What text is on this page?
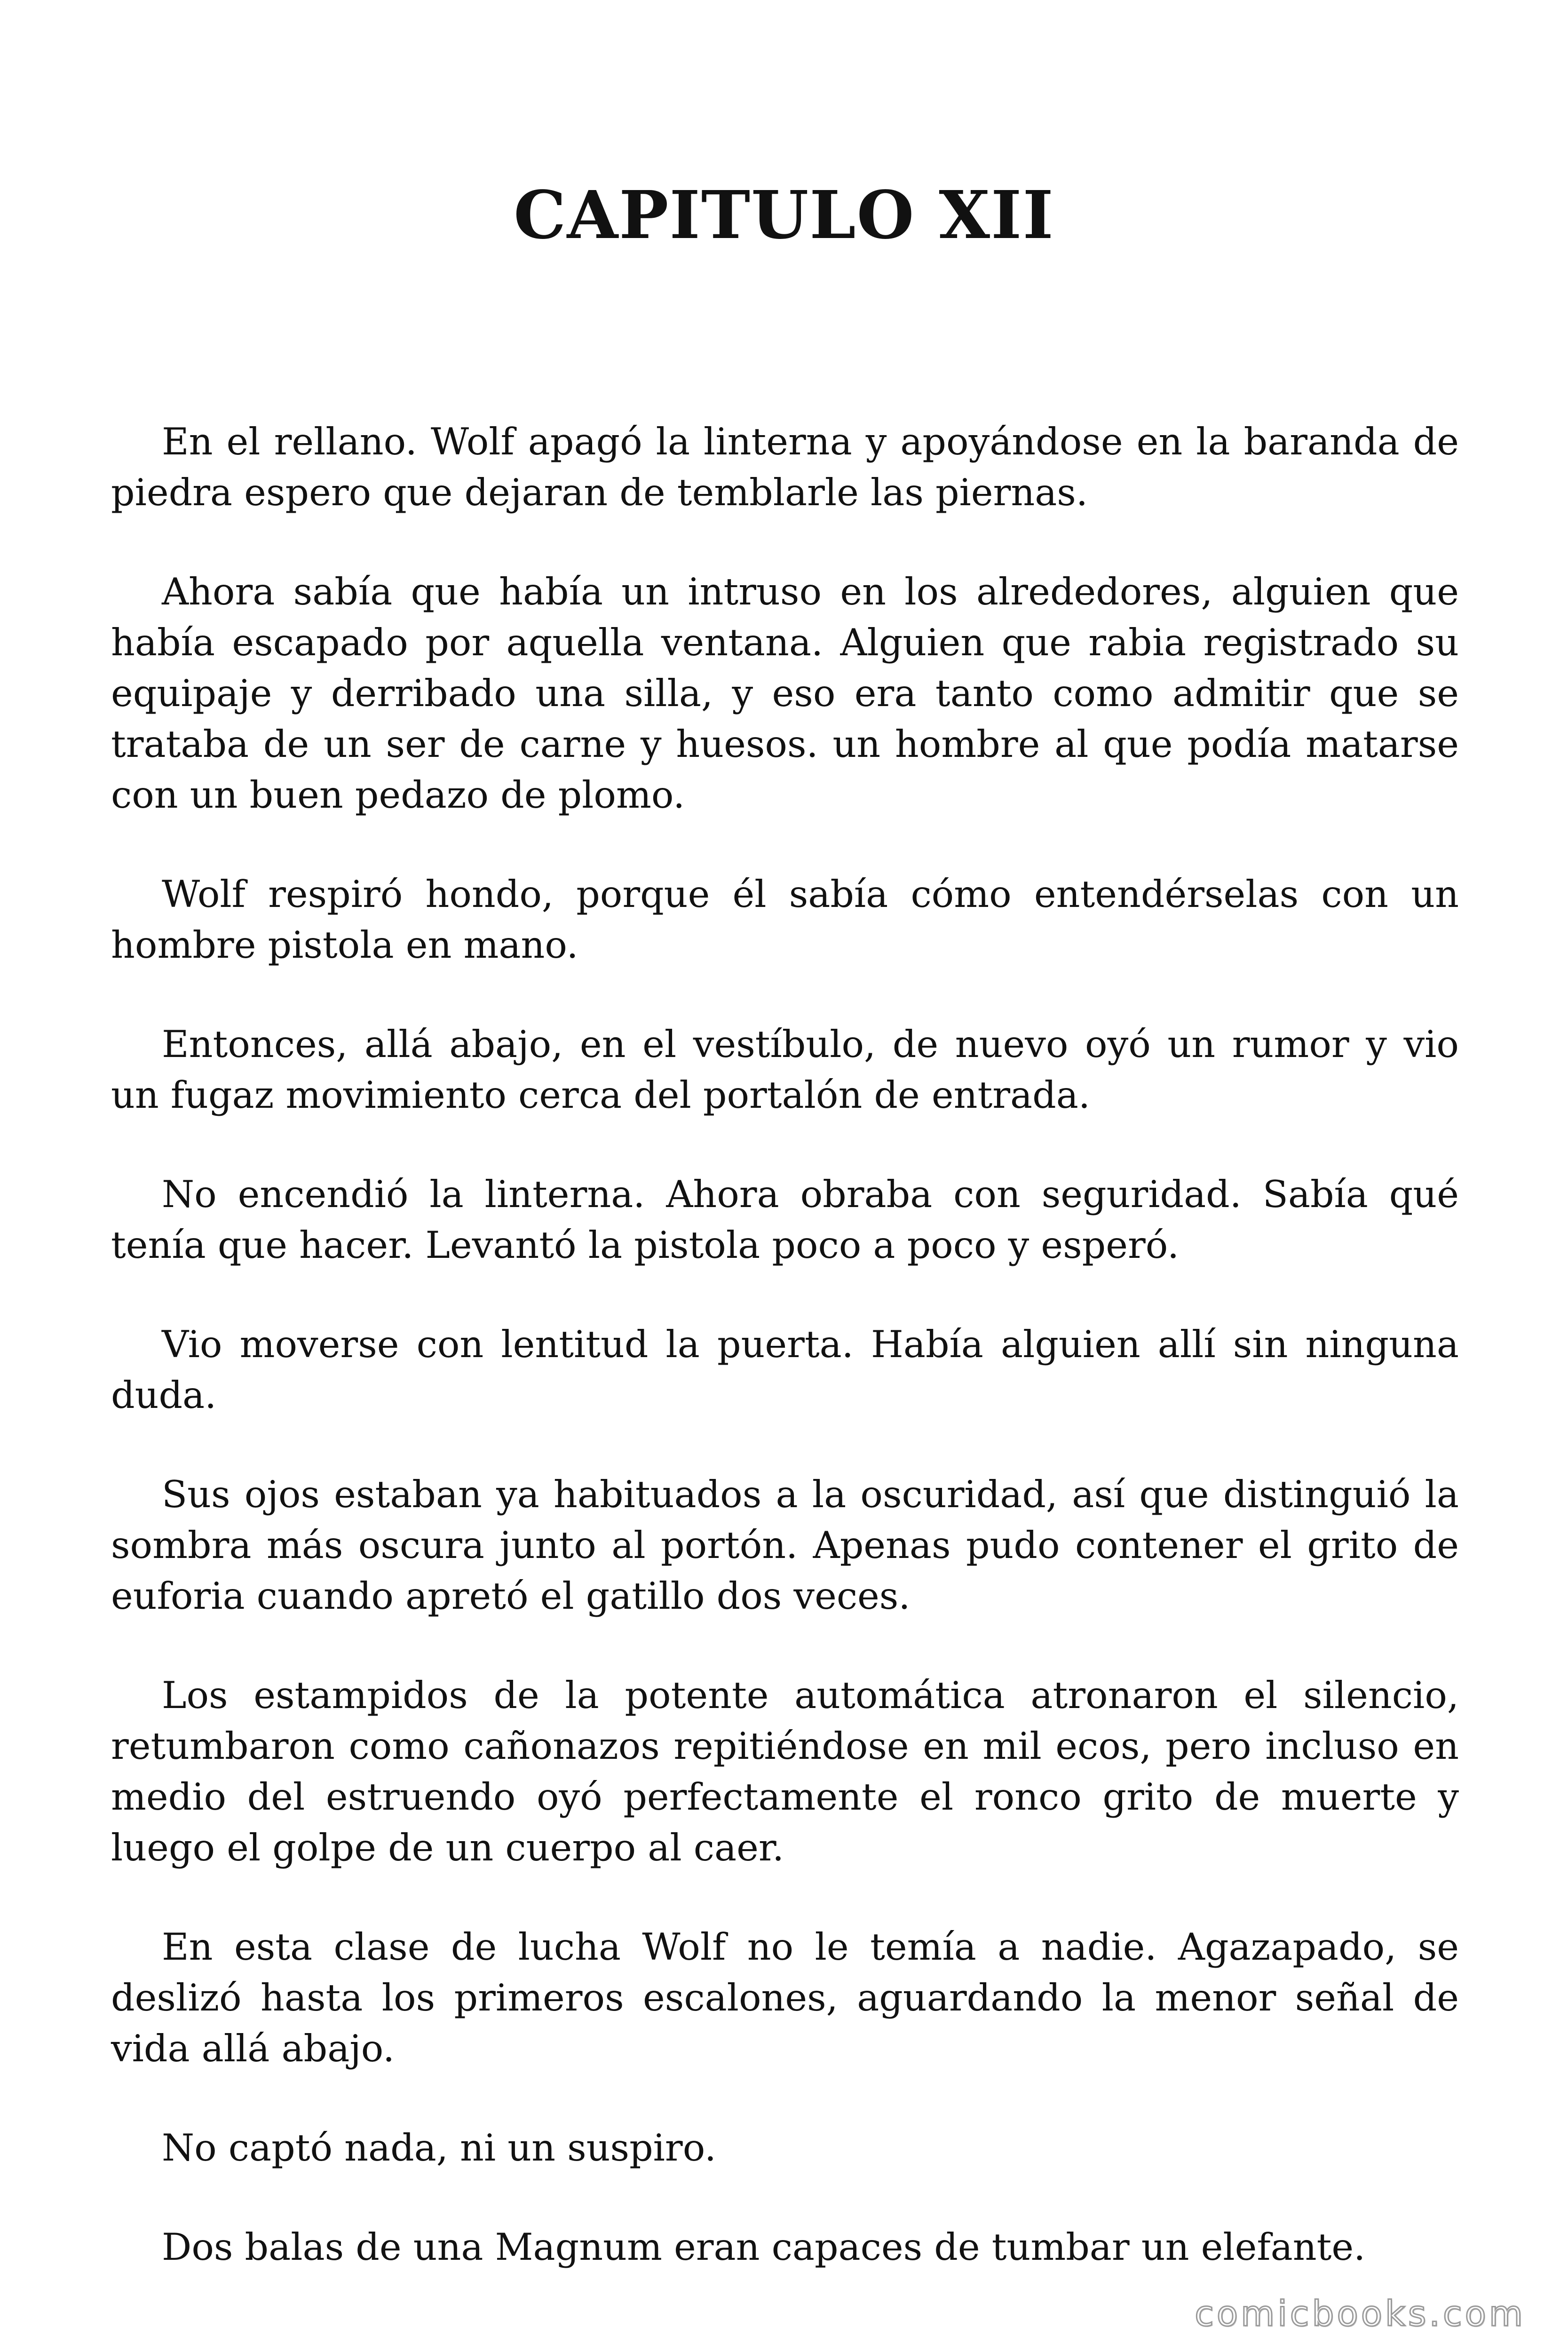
CAPITULO XII

En el rellano. Wolf apagó la linterna y apoyándose en la baranda de piedra espero que dejaran de temblarle las piernas.

Ahora sabía que había un intruso en los alrededores, alguien que había escapado por aquella ventana. Alguien que rabia registrado su equipaje y derribado una silla, y eso era tanto como admitir que se trataba de un ser de carne y huesos. un hombre al que podía matarse con un buen pedazo de plomo.

Wolf respiró hondo, porque él sabía cómo entendérselas con un hombre pistola en mano.

Entonces, allá abajo, en el vestíbulo, de nuevo oyó un rumor y vio un fugaz movimiento cerca del portalón de entrada.

No encendió la linterna. Ahora obraba con seguridad. Sabía qué tenía que hacer. Levantó la pistola poco a poco y esperó.

Vio moverse con lentitud la puerta. Había alguien allí sin ninguna duda.

Sus ojos estaban ya habituados a la oscuridad, así que distinguió la sombra más oscura junto al portón. Apenas pudo contener el grito de euforia cuando apretó el gatillo dos veces.

Los estampidos de la potente automática atronaron el silencio, retumbaron como cañonazos repitiéndose en mil ecos, pero incluso en medio del estruendo oyó perfectamente el ronco grito de muerte y luego el golpe de un cuerpo al caer.

En esta clase de lucha Wolf no le temía a nadie. Agazapado, se deslizó hasta los primeros escalones, aguardando la menor señal de vida allá abajo.

No captó nada, ni un suspiro.

Dos balas de una Magnum eran capaces de tumbar un elefante.

comicbooks.com
